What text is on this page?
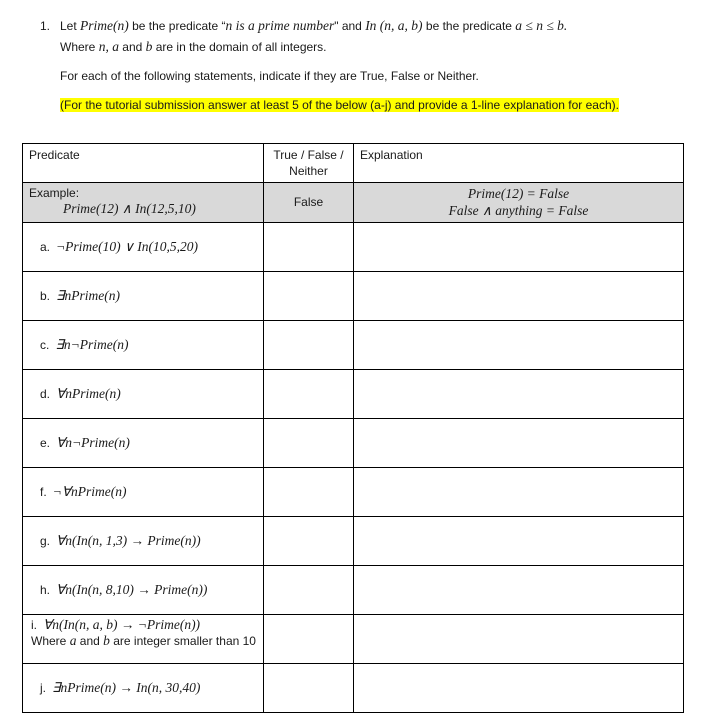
1. Let Prime(n) be the predicate “n is a prime number" and In (n, a, b) be the predicate a ≤ n ≤ b.
Where n, a and b are in the domain of all integers.
For each of the following statements, indicate if they are True, False or Neither.
(For the tutorial submission answer at least 5 of the below (a-j) and provide a 1-line explanation for each).
Predicate	True / False / Neither	Explanation
Example:
Prime(12) ∧ In(12,5,10)	False	Prime(12) = False
False ∧ anything = False

a. ¬Prime(10) ∨ In(10,5,20)		
b. ∃nPrime(n)		
c. ∃n¬Prime(n)		
d. ∀nPrime(n)		
e. ∀n¬Prime(n)		
f. ¬∀nPrime(n)		
g. ∀n(In(n, 1,3) → Prime(n))		
h. ∀n(In(n, 8,10) → Prime(n))		
i. ∀n(In(n, a, b) → ¬Prime(n))
Where a and b are integer smaller than 10		
j. ∃nPrime(n) → In(n, 30,40)		
